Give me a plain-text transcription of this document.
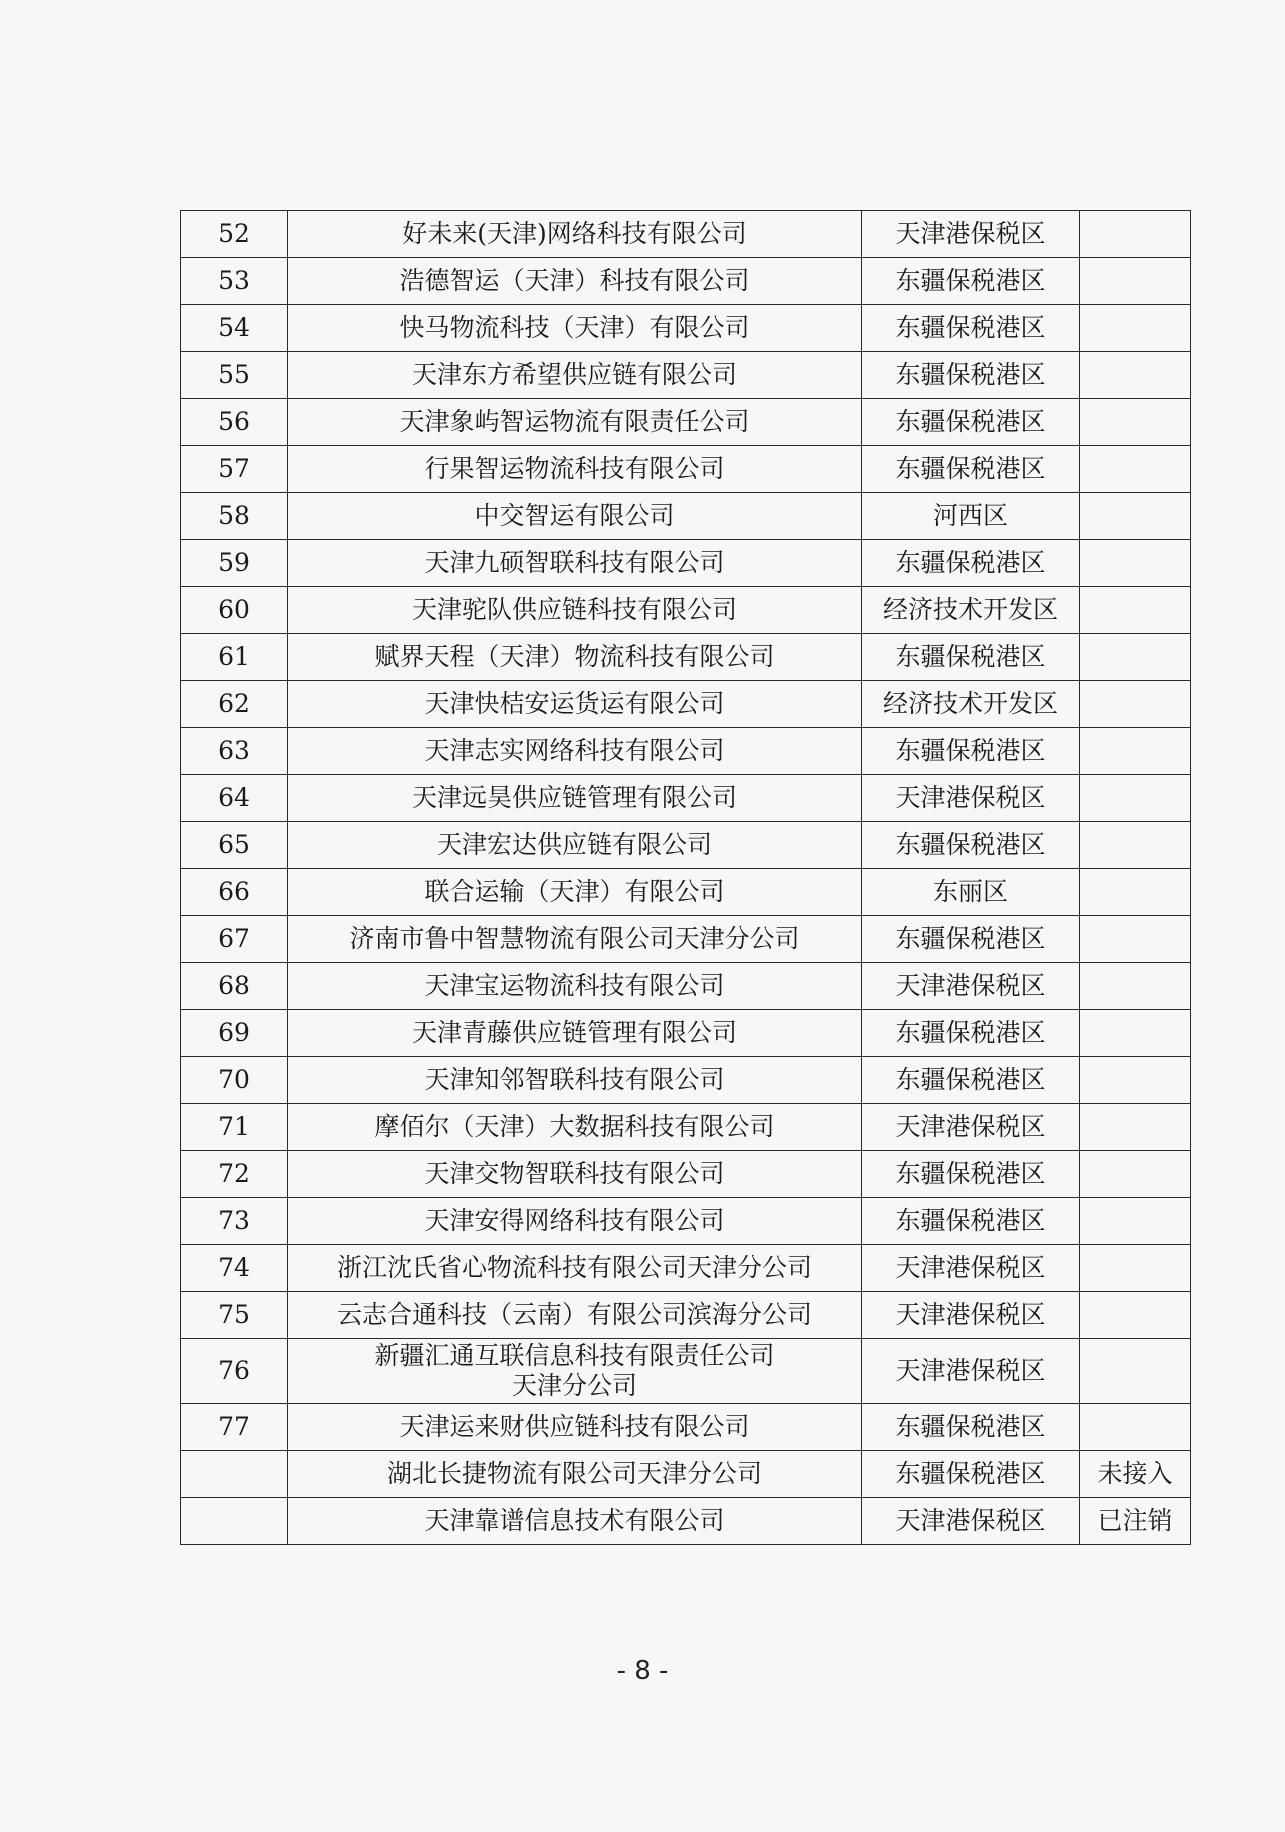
52	好未来(天津)网络科技有限公司	天津港保税区	
53	浩德智运（天津）科技有限公司	东疆保税港区	
54	快马物流科技（天津）有限公司	东疆保税港区	
55	天津东方希望供应链有限公司	东疆保税港区	
56	天津象屿智运物流有限责任公司	东疆保税港区	
57	行果智运物流科技有限公司	东疆保税港区	
58	中交智运有限公司	河西区	
59	天津九硕智联科技有限公司	东疆保税港区	
60	天津驼队供应链科技有限公司	经济技术开发区	
61	赋界天程（天津）物流科技有限公司	东疆保税港区	
62	天津快桔安运货运有限公司	经济技术开发区	
63	天津志实网络科技有限公司	东疆保税港区	
64	天津远昊供应链管理有限公司	天津港保税区	
65	天津宏达供应链有限公司	东疆保税港区	
66	联合运输（天津）有限公司	东丽区	
67	济南市鲁中智慧物流有限公司天津分公司	东疆保税港区	
68	天津宝运物流科技有限公司	天津港保税区	
69	天津青藤供应链管理有限公司	东疆保税港区	
70	天津知邻智联科技有限公司	东疆保税港区	
71	摩佰尔（天津）大数据科技有限公司	天津港保税区	
72	天津交物智联科技有限公司	东疆保税港区	
73	天津安得网络科技有限公司	东疆保税港区	
74	浙江沈氏省心物流科技有限公司天津分公司	天津港保税区	
75	云志合通科技（云南）有限公司滨海分公司	天津港保税区	
76	新疆汇通互联信息科技有限责任公司
天津分公司	天津港保税区	
77	天津运来财供应链科技有限公司	东疆保税港区	
	湖北长捷物流有限公司天津分公司	东疆保税港区	未接入
	天津靠谱信息技术有限公司	天津港保税区	已注销
- 8 -
